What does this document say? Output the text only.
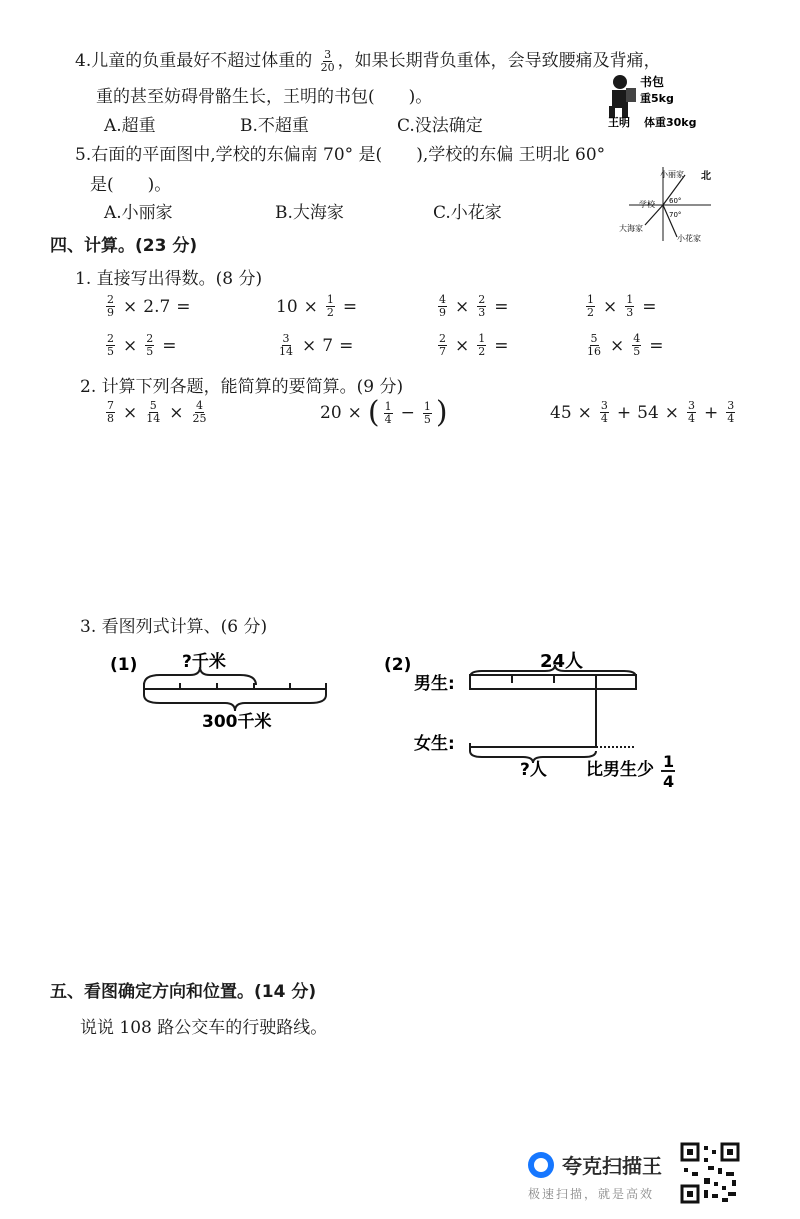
4.儿童的负重最好不超过体重的 $\frac{3}{20}$ ，如果长期背负重体，会导致腰痛及背痛，
重的甚至妨碍骨骼生长，王明的书包(　　)。
A.超重	B.不超重	C.没法确定
书包
重5kg
王明 体重30kg
5.右面的平面图中,学校的东偏南 70° 是(　　),学校的东偏 王明北 60°
是(　　)。
A.小丽家	B.大海家	C.小花家
北
小丽家
学校 60°
70°
大海家
小花家
四、计算。(23 分)
1. 直接写出得数。(8 分)
$\frac{2}{9} \times 2.7$ =	$10 \times \frac{1}{2}$ =	$\frac{4}{9} \times \frac{2}{3}$ =	$\frac{1}{2} \times \frac{1}{3}$ =
$\frac{2}{5} \times \frac{2}{5}$ =	$\frac{3}{14} \times 7$ =	$\frac{2}{7} \times \frac{1}{2}$ =	$\frac{5}{16} \times \frac{4}{5}$ =
2. 计算下列各题，能简算的要简算。(9 分)
$\frac{7}{8} \times \frac{5}{14} \times \frac{4}{25}$	20 × ( $\frac{1}{4} - \frac{1}{5}$ )	$45 \times \frac{3}{4} + 54 \times \frac{3}{4} + \frac{3}{4}$
3. 看图列式计算、(6 分)
(1)	?千米
300千米
(2)
男生:
24人
女生:
?人 比男生少 1
4
五、看图确定方向和位置。(14 分)
说说 108 路公交车的行驶路线。
夸克扫描王
极速扫描，就是高效
